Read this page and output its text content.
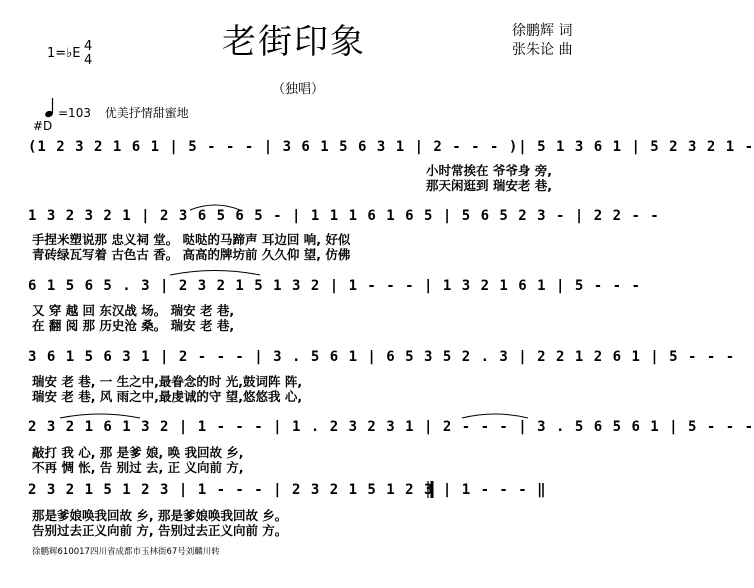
老街印象
（独唱）
徐鹏辉 词
张朱论 曲
1=♭E 4
4
=103 优美抒情甜蜜地
#D
(1 2 3 2 1 6 1 | 5 - - - | 3 6 1 5 6 3 1 | 2 - - - )| 5 1 3 6 1 | 5 2 3 2 1 -
小时常挨在 爷爷身 旁,
那天闲逛到 瑞安老 巷,
1 3 2 3 2 1 | 2 3 6 5 6 5 - | 1 1 1 6 1 6 5 | 5 6 5 2 3 - | 2 2 - -
手捏米塑说那 忠义祠 堂。 哒哒的马蹄声 耳边回 响, 好似
青砖绿瓦写着 古色古 香。 高高的牌坊前 久久仰 望, 仿佛
6 1 5 6 5 . 3 | 2 3 2 1 5 1 3 2 | 1 - - - | 1 3 2 1 6 1 | 5 - - -
又 穿 越 回 东汉战 场。 瑞安 老 巷,
在 翻 阅 那 历史沧 桑。 瑞安 老 巷,
3 6 1 5 6 3 1 | 2 - - - | 3 . 5 6 1 | 6 5 3 5 2 . 3 | 2 2 1 2 6 1 | 5 - - -
瑞安 老 巷, 一 生之中,最眷念的时 光,鼓词阵 阵,
瑞安 老 巷, 风 雨之中,最虔诚的守 望,悠悠我 心,
2 3 2 1 6 1 3 2 | 1 - - - | 1 . 2 3 2 3 1 | 2 - - - | 3 . 5 6 5 6 1 | 5 - - -
敲打 我 心, 那 是爹 娘, 唤 我回故 乡,
不再 惆 怅, 告 别过 去, 正 义向前 方,
2 3 2 1 5 1 2 3 | 1 - - - | 2 3 2 1 5 1 2 3 | 1 - - - ‖
那是爹娘唤我回故 乡, 那是爹娘唤我回故 乡。
告别过去正义向前 方, 告别过去正义向前 方。
徐鹏辉610017四川省成都市玉林街67号刘麟川转
